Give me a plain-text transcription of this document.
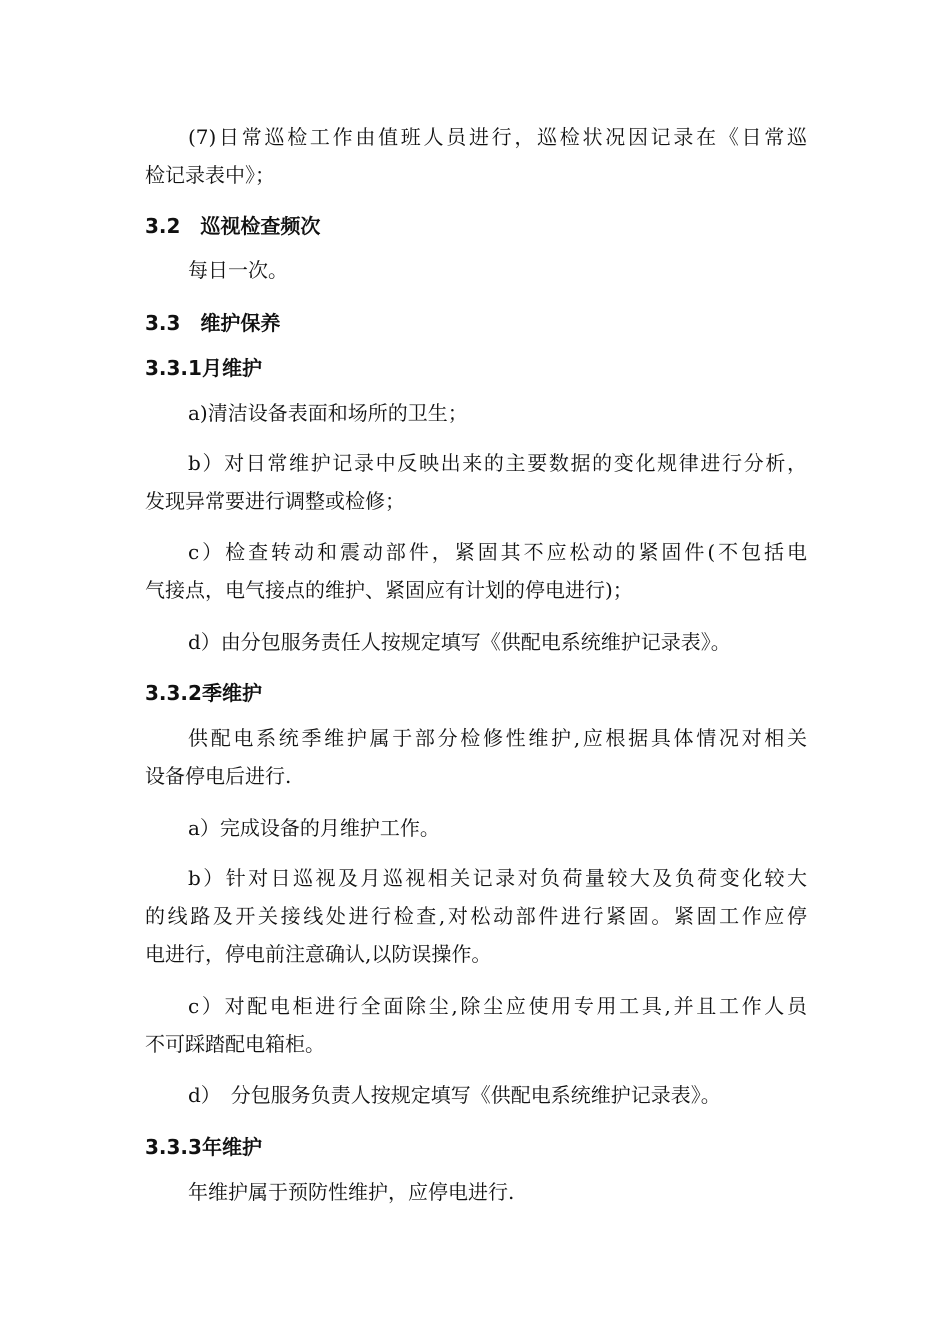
(7)日常巡检工作由值班人员进行，巡检状况因记录在《日常巡
检记录表中》；
3.2　巡视检查频次
每日一次。
3.3　维护保养
3.3.1月维护
a)清洁设备表面和场所的卫生；
b）对日常维护记录中反映出来的主要数据的变化规律进行分析，
发现异常要进行调整或检修；
c）检查转动和震动部件，紧固其不应松动的紧固件(不包括电
气接点，电气接点的维护、紧固应有计划的停电进行)；
d）由分包服务责任人按规定填写《供配电系统维护记录表》。
3.3.2季维护
供配电系统季维护属于部分检修性维护,应根据具体情况对相关
设备停电后进行.
a）完成设备的月维护工作。
b）针对日巡视及月巡视相关记录对负荷量较大及负荷变化较大
的线路及开关接线处进行检查,对松动部件进行紧固。紧固工作应停
电进行，停电前注意确认,以防误操作。
c）对配电柜进行全面除尘,除尘应使用专用工具,并且工作人员
不可踩踏配电箱柜。
d）　分包服务负责人按规定填写《供配电系统维护记录表》。
3.3.3年维护
年维护属于预防性维护，应停电进行.
